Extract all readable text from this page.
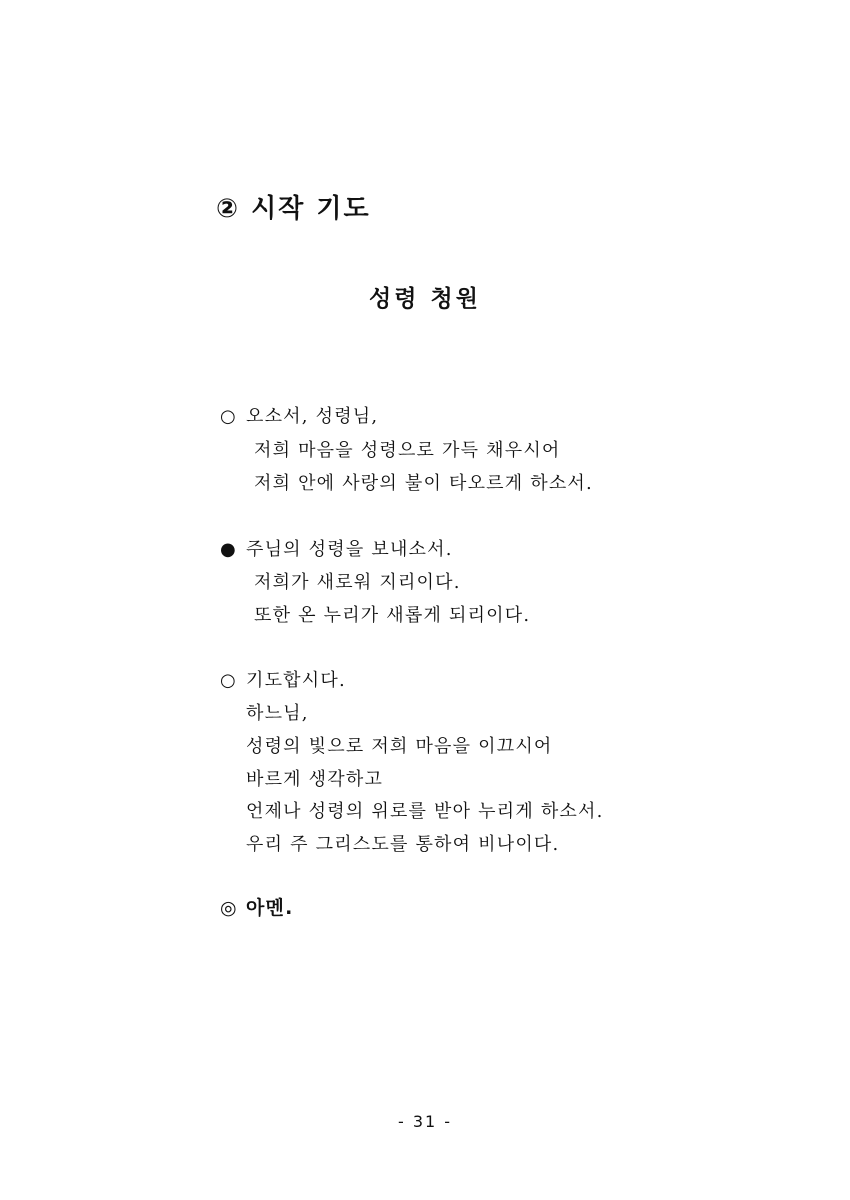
② 시작 기도
성령 청원
○ 오소서, 성령님,
저희 마음을 성령으로 가득 채우시어
저희 안에 사랑의 불이 타오르게 하소서.
● 주님의 성령을 보내소서.
저희가 새로워 지리이다.
또한 온 누리가 새롭게 되리이다.
○ 기도합시다.
하느님,
성령의 빛으로 저희 마음을 이끄시어
바르게 생각하고
언제나 성령의 위로를 받아 누리게 하소서.
우리 주 그리스도를 통하여 비나이다.
◎ 아멘.
- 31 -
